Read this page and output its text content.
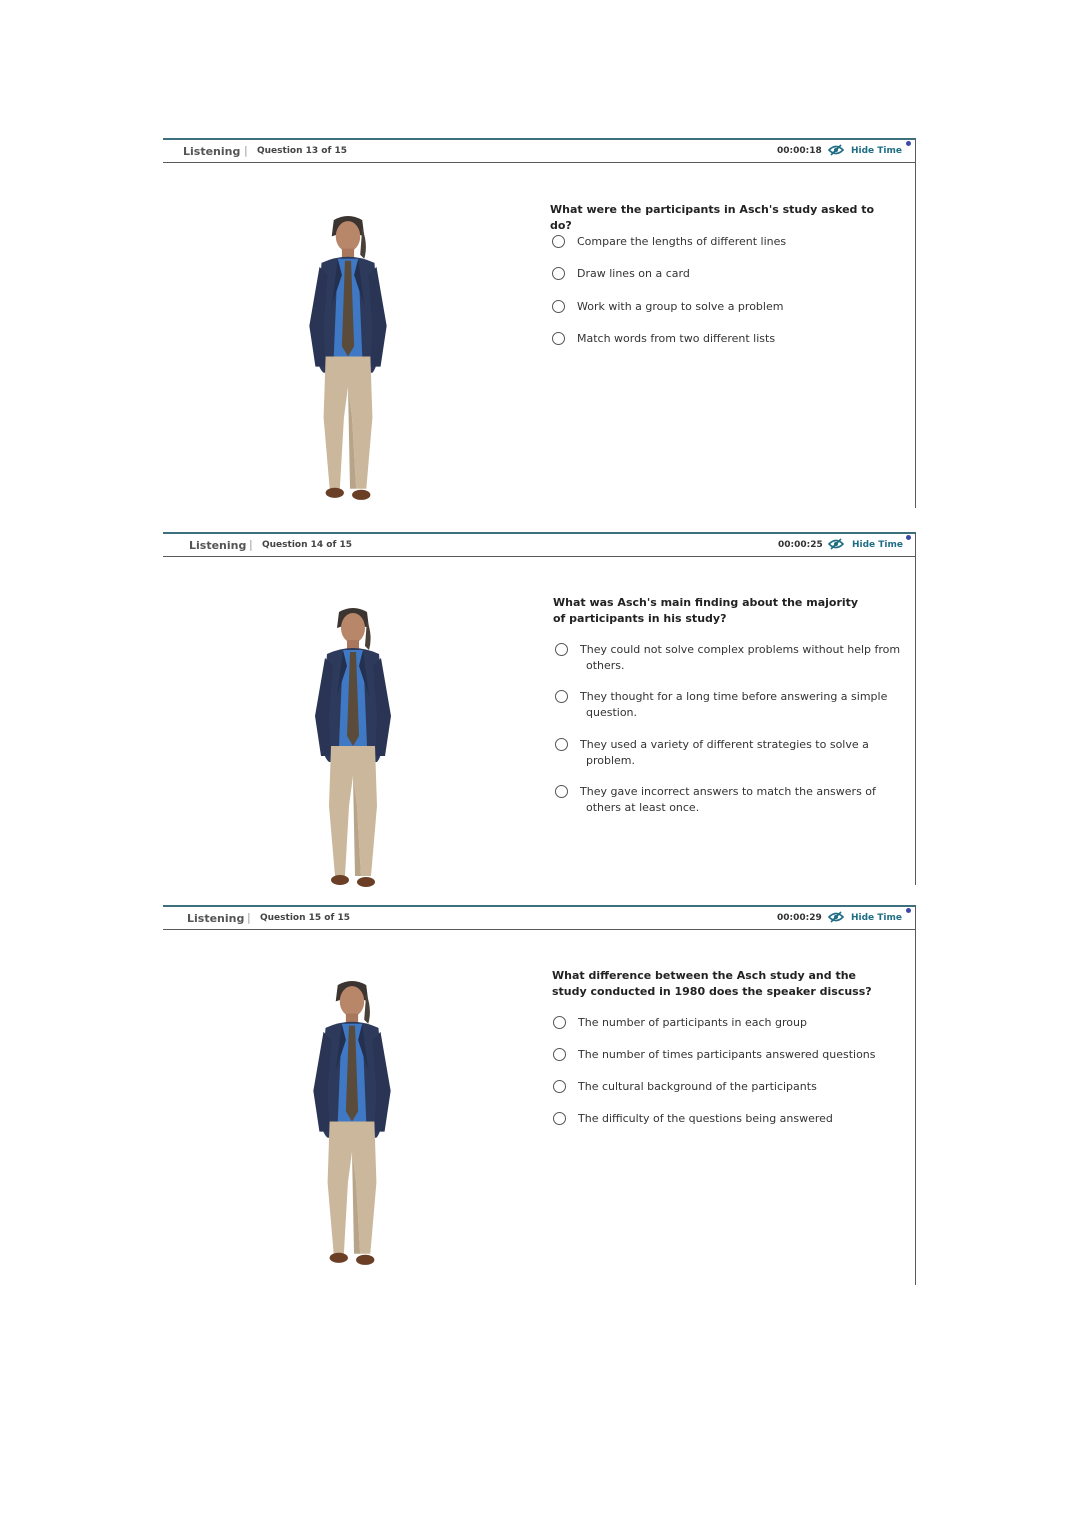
Listening | Question 13 of 15	00:00:18	Hide Time
What were the participants in Asch's study asked to do?
Compare the lengths of different lines
Draw lines on a card
Work with a group to solve a problem
Match words from two different lists
Listening | Question 14 of 15	00:00:25	Hide Time
What was Asch's main finding about the majority of participants in his study?
They could not solve complex problems without help from others.
They thought for a long time before answering a simple question.
They used a variety of different strategies to solve a problem.
They gave incorrect answers to match the answers of others at least once.
Listening | Question 15 of 15	00:00:29	Hide Time
What difference between the Asch study and the study conducted in 1980 does the speaker discuss?
The number of participants in each group
The number of times participants answered questions
The cultural background of the participants
The difficulty of the questions being answered
